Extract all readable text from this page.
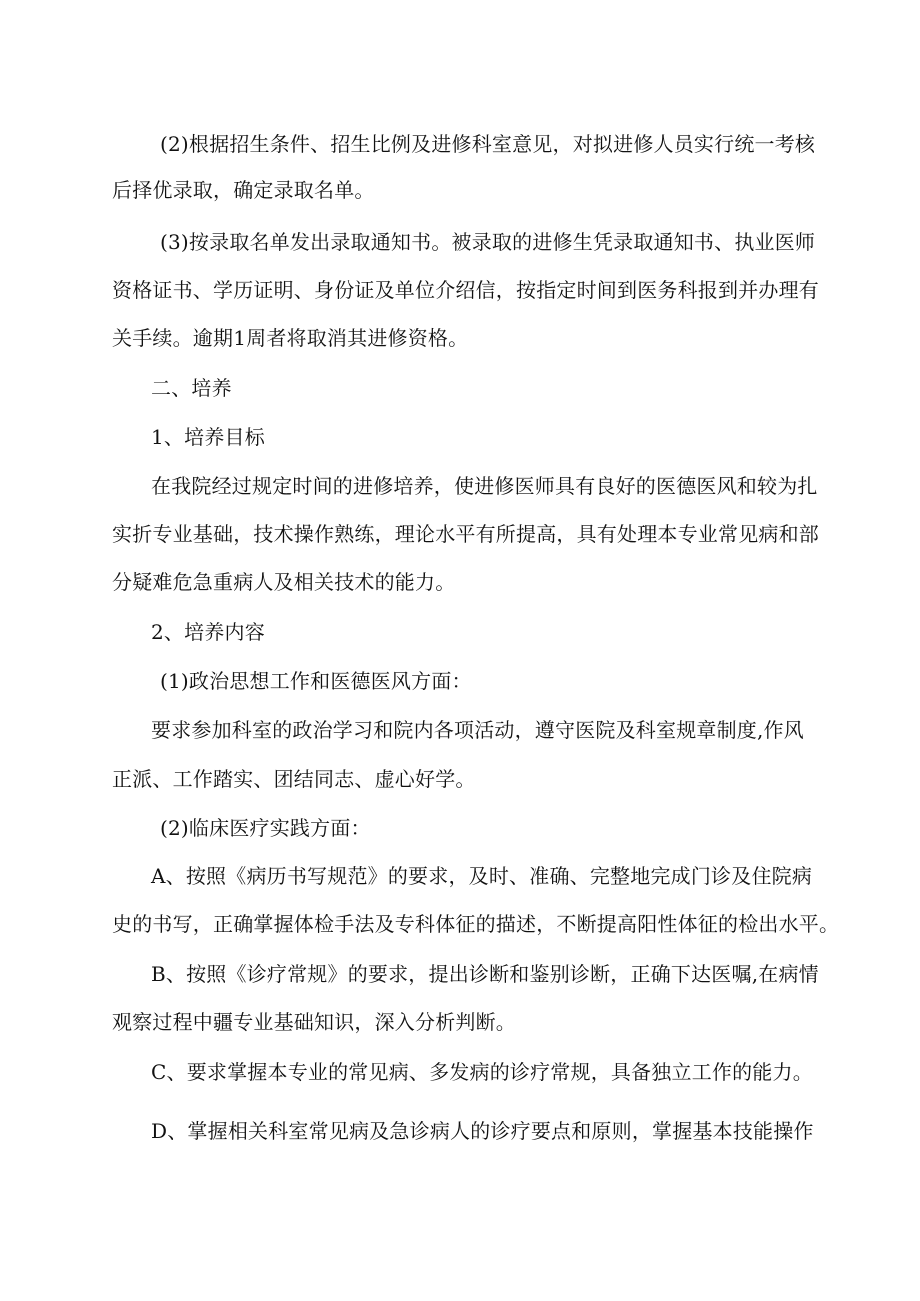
(2)根据招生条件、招生比例及进修科室意见，对拟进修人员实行统一考核
后择优录取，确定录取名单。
(3)按录取名单发出录取通知书。被录取的进修生凭录取通知书、执业医师
资格证书、学历证明、身份证及单位介绍信，按指定时间到医务科报到并办理有
关手续。逾期1周者将取消其进修资格。
二、培养
1、培养目标
在我院经过规定时间的进修培养，使进修医师具有良好的医德医风和较为扎
实折专业基础，技术操作熟练，理论水平有所提高，具有处理本专业常见病和部
分疑难危急重病人及相关技术的能力。
2、培养内容
(1)政治思想工作和医德医风方面：
要求参加科室的政治学习和院内各项活动，遵守医院及科室规章制度,作风
正派、工作踏实、团结同志、虚心好学。
(2)临床医疗实践方面：
A、按照《病历书写规范》的要求，及时、准确、完整地完成门诊及住院病
史的书写，正确掌握体检手法及专科体征的描述，不断提高阳性体征的检出水平。
B、按照《诊疗常规》的要求，提出诊断和鉴别诊断，正确下达医嘱,在病情
观察过程中疆专业基础知识，深入分析判断。
C、要求掌握本专业的常见病、多发病的诊疗常规，具备独立工作的能力。
D、掌握相关科室常见病及急诊病人的诊疗要点和原则，掌握基本技能操作
